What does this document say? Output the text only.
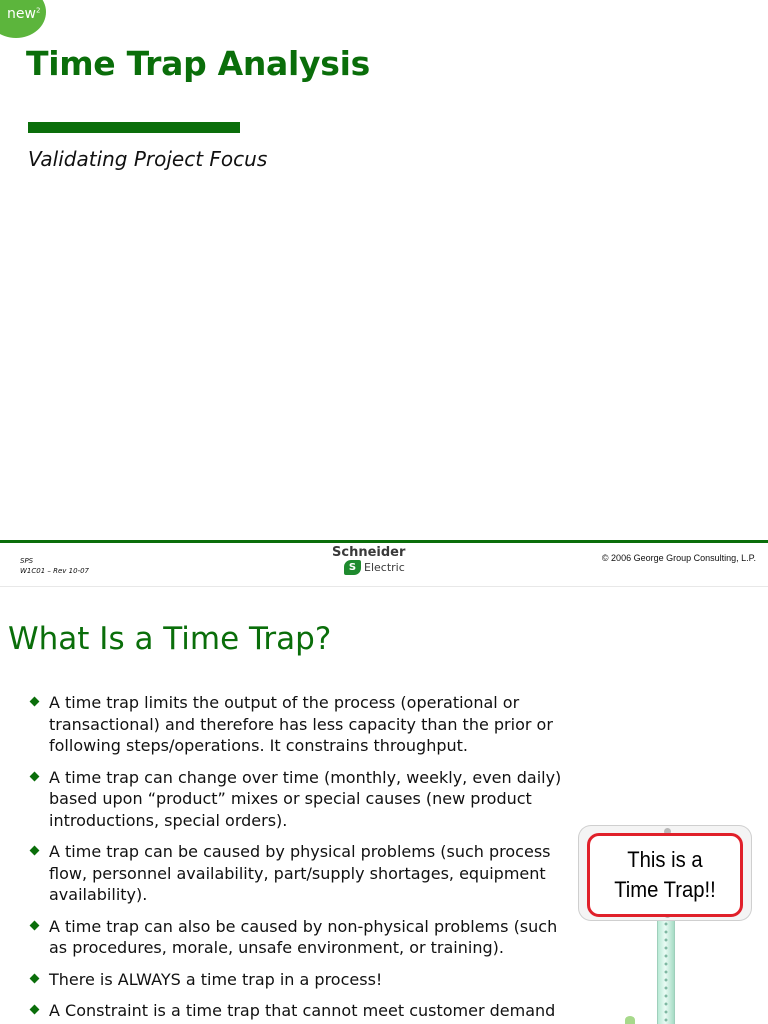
new$^2$
Time Trap Analysis
Validating Project Focus
SPS
W1C01 – Rev 10-07
Schneider
S Electric
© 2006 George Group Consulting, L.P.
What Is a Time Trap?
A time trap limits the output of the process (operational or transactional) and therefore has less capacity than the prior or following steps/operations. It constrains throughput.
A time trap can change over time (monthly, weekly, even daily) based upon “product” mixes or special causes (new product introductions, special orders).
A time trap can be caused by physical problems (such process flow, personnel availability, part/supply shortages, equipment availability).
A time trap can also be caused by non-physical problems (such as procedures, morale, unsafe environment, or training).
There is ALWAYS a time trap in a process!
A Constraint is a time trap that cannot meet customer demand
This is a
Time Trap!!
